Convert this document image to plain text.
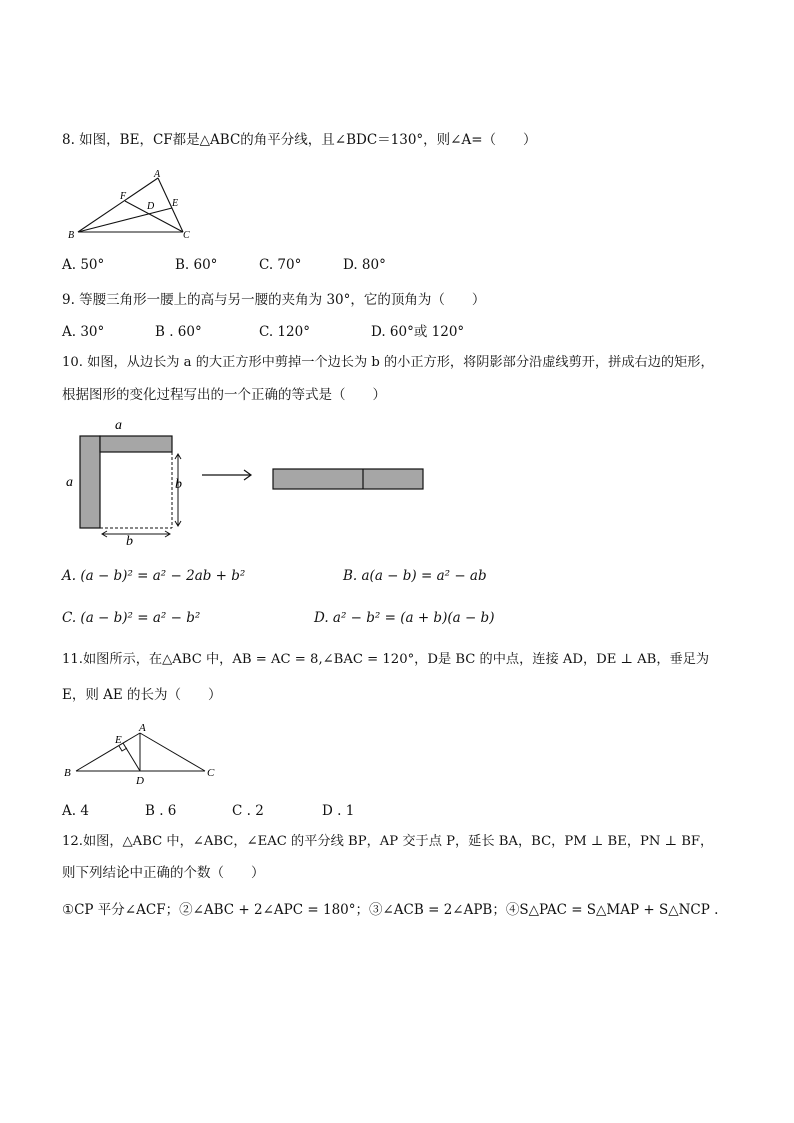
8. 如图，BE，CF都是△ABC的角平分线，且∠BDC＝130°，则∠A=（　　）
A
B	C
D E
F
A. 50°	B. 60°	C. 70°	D. 80°
9. 等腰三角形一腰上的高与另一腰的夹角为 30°，它的顶角为（　　）
A. 30°	B . 60°	C. 120°	D. 60°或 120°
10. 如图，从边长为 a 的大正方形中剪掉一个边长为 b 的小正方形，将阴影部分沿虚线剪开，拼成右边的矩形，
根据图形的变化过程写出的一个正确的等式是（　　）
a
a	b
b
A. (a − b)² = a² − 2ab + b²	B. a(a − b) = a² − ab
C. (a − b)² = a² − b²	D. a² − b² = (a + b)(a − b)
11.如图所示，在△ABC 中，AB = AC = 8,∠BAC = 120°，D是 BC 的中点，连接 AD，DE ⊥ AB，垂足为
E，则 AE 的长为（　　）
A
B	C
D
E
A. 4	B . 6	C . 2	D . 1
12.如图，△ABC 中，∠ABC，∠EAC 的平分线 BP，AP 交于点 P，延长 BA，BC，PM ⊥ BE，PN ⊥ BF，
则下列结论中正确的个数（　　）
①CP 平分∠ACF；②∠ABC + 2∠APC = 180°；③∠ACB = 2∠APB；④S△PAC = S△MAP + S△NCP .
